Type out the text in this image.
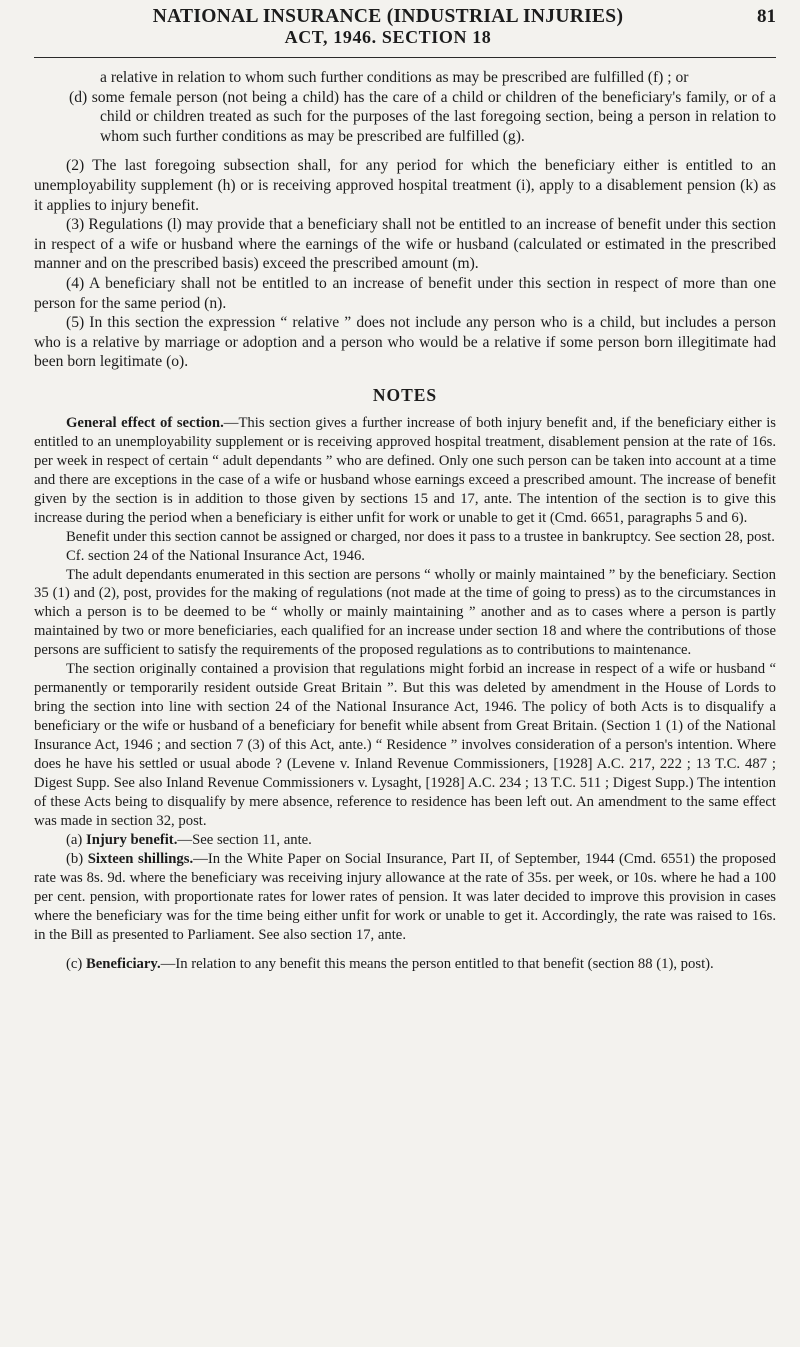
NATIONAL INSURANCE (INDUSTRIAL INJURIES)
ACT, 1946. SECTION 18
81

a relative in relation to whom such further conditions as may be prescribed are fulfilled (f) ; or

(d) some female person (not being a child) has the care of a child or children of the beneficiary's family, or of a child or children treated as such for the purposes of the last foregoing section, being a person in relation to whom such further conditions as may be prescribed are fulfilled (g).

(2) The last foregoing subsection shall, for any period for which the beneficiary either is entitled to an unemployability supplement (h) or is receiving approved hospital treatment (i), apply to a disablement pension (k) as it applies to injury benefit.

(3) Regulations (l) may provide that a beneficiary shall not be entitled to an increase of benefit under this section in respect of a wife or husband where the earnings of the wife or husband (calculated or estimated in the prescribed manner and on the prescribed basis) exceed the prescribed amount (m).

(4) A beneficiary shall not be entitled to an increase of benefit under this section in respect of more than one person for the same period (n).

(5) In this section the expression “ relative ” does not include any person who is a child, but includes a person who is a relative by marriage or adoption and a person who would be a relative if some person born illegitimate had been born legitimate (o).

NOTES

General effect of section.—This section gives a further increase of both injury benefit and, if the beneficiary either is entitled to an unemployability supplement or is receiving approved hospital treatment, disablement pension at the rate of 16s. per week in respect of certain “ adult dependants ” who are defined. Only one such person can be taken into account at a time and there are exceptions in the case of a wife or husband whose earnings exceed a prescribed amount. The increase of benefit given by the section is in addition to those given by sections 15 and 17, ante. The intention of the section is to give this increase during the period when a beneficiary is either unfit for work or unable to get it (Cmd. 6651, paragraphs 5 and 6).

Benefit under this section cannot be assigned or charged, nor does it pass to a trustee in bankruptcy. See section 28, post.

Cf. section 24 of the National Insurance Act, 1946.

The adult dependants enumerated in this section are persons “ wholly or mainly maintained ” by the beneficiary. Section 35 (1) and (2), post, provides for the making of regulations (not made at the time of going to press) as to the circumstances in which a person is to be deemed to be “ wholly or mainly maintaining ” another and as to cases where a person is partly maintained by two or more beneficiaries, each qualified for an increase under section 18 and where the contributions of those persons are sufficient to satisfy the requirements of the proposed regulations as to contributions to maintenance.

The section originally contained a provision that regulations might forbid an increase in respect of a wife or husband “ permanently or temporarily resident outside Great Britain ”. But this was deleted by amendment in the House of Lords to bring the section into line with section 24 of the National Insurance Act, 1946. The policy of both Acts is to disqualify a beneficiary or the wife or husband of a beneficiary for benefit while absent from Great Britain. (Section 1 (1) of the National Insurance Act, 1946 ; and section 7 (3) of this Act, ante.) “ Residence ” involves consideration of a person's intention. Where does he have his settled or usual abode ? (Levene v. Inland Revenue Commissioners, [1928] A.C. 217, 222 ; 13 T.C. 487 ; Digest Supp. See also Inland Revenue Commissioners v. Lysaght, [1928] A.C. 234 ; 13 T.C. 511 ; Digest Supp.) The intention of these Acts being to disqualify by mere absence, reference to residence has been left out. An amendment to the same effect was made in section 32, post.

(a) Injury benefit.—See section 11, ante.

(b) Sixteen shillings.—In the White Paper on Social Insurance, Part II, of September, 1944 (Cmd. 6551) the proposed rate was 8s. 9d. where the beneficiary was receiving injury allowance at the rate of 35s. per week, or 10s. where he had a 100 per cent. pension, with proportionate rates for lower rates of pension. It was later decided to improve this provision in cases where the beneficiary was for the time being either unfit for work or unable to get it. Accordingly, the rate was raised to 16s. in the Bill as presented to Parliament. See also section 17, ante.

(c) Beneficiary.—In relation to any benefit this means the person entitled to that benefit (section 88 (1), post).
